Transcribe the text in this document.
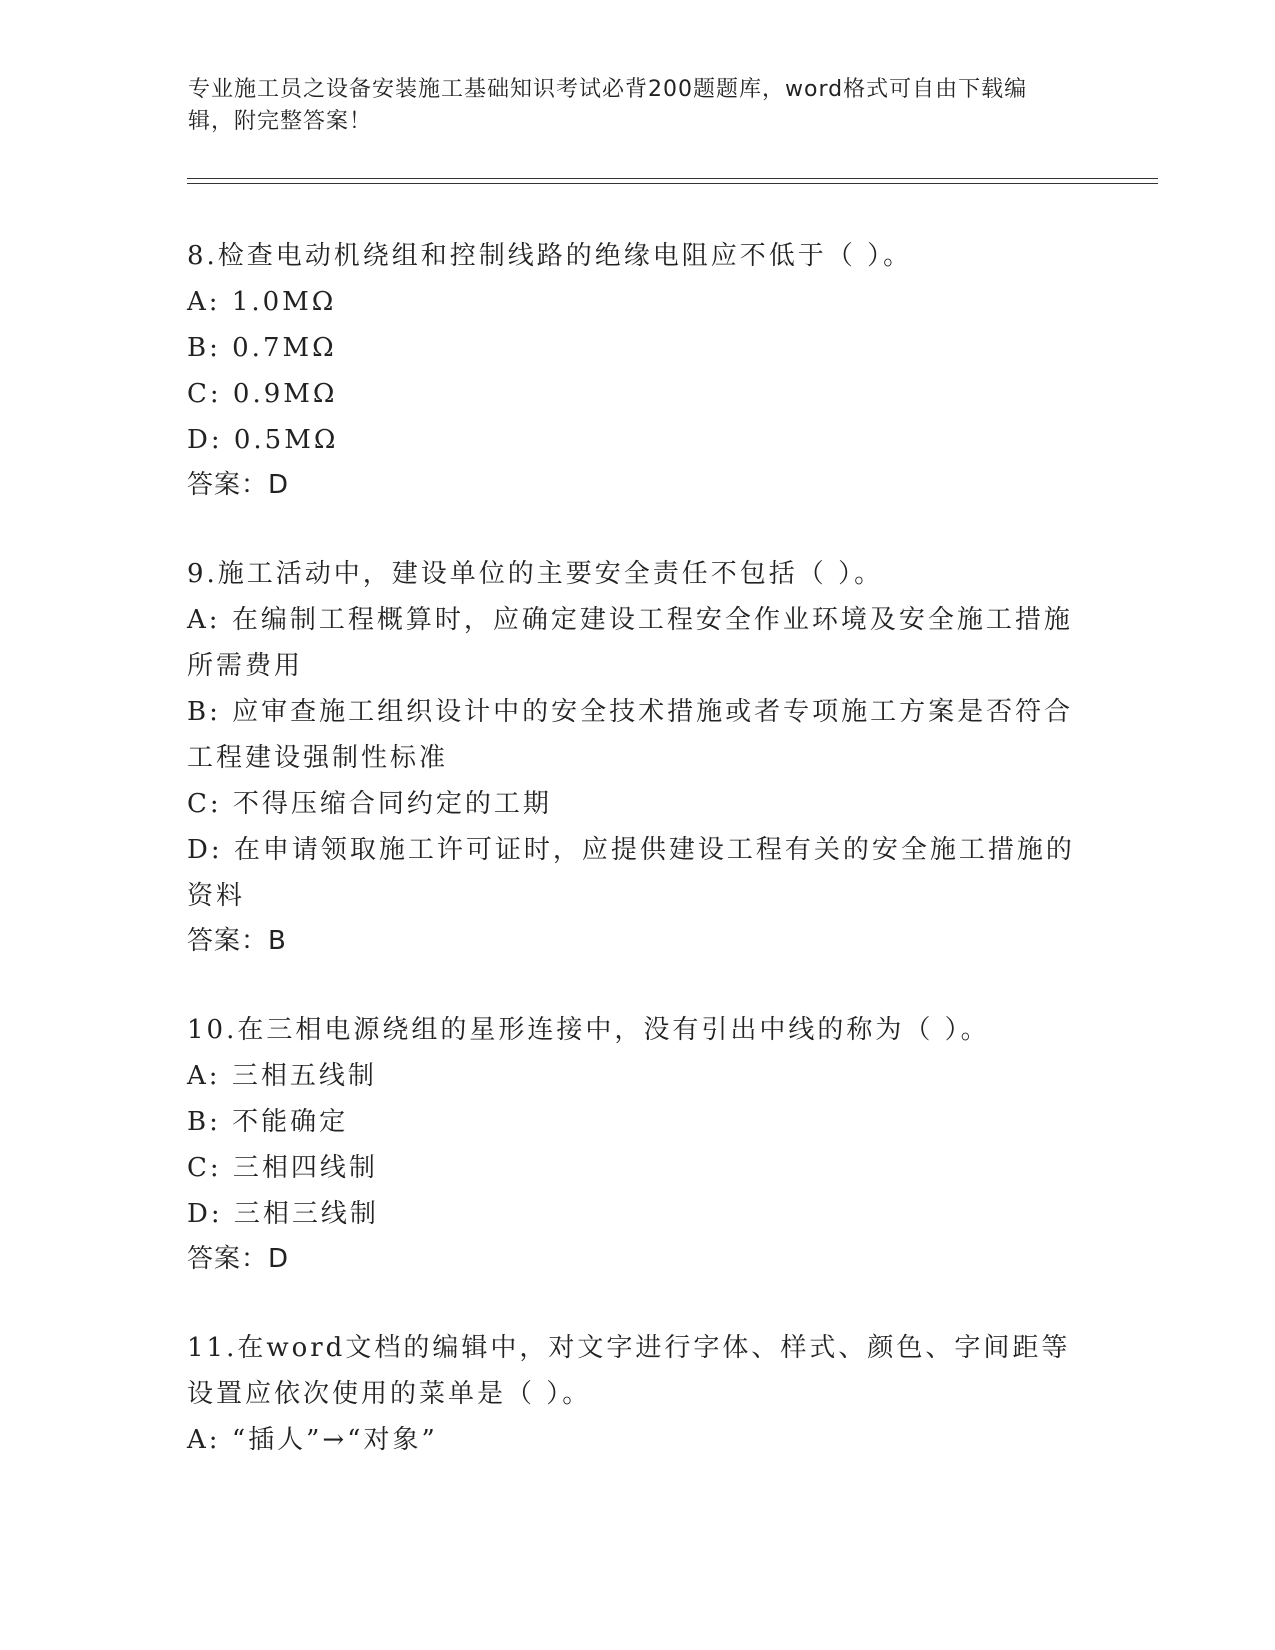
专业施工员之设备安装施工基础知识考试必背200题题库，word格式可自由下载编辑，附完整答案！
8.检查电动机绕组和控制线路的绝缘电阻应不低于（ ）。
A: 1.0MΩ
B: 0.7MΩ
C: 0.9MΩ
D: 0.5MΩ
答案：D
9.施工活动中，建设单位的主要安全责任不包括（ ）。
A: 在编制工程概算时，应确定建设工程安全作业环境及安全施工措施所需费用
B: 应审查施工组织设计中的安全技术措施或者专项施工方案是否符合工程建设强制性标准
C: 不得压缩合同约定的工期
D: 在申请领取施工许可证时，应提供建设工程有关的安全施工措施的资料
答案：B
10.在三相电源绕组的星形连接中，没有引出中线的称为（ ）。
A: 三相五线制
B: 不能确定
C: 三相四线制
D: 三相三线制
答案：D
11.在word文档的编辑中，对文字进行字体、样式、颜色、字间距等设置应依次使用的菜单是（ ）。
A: “插人”→“对象”
